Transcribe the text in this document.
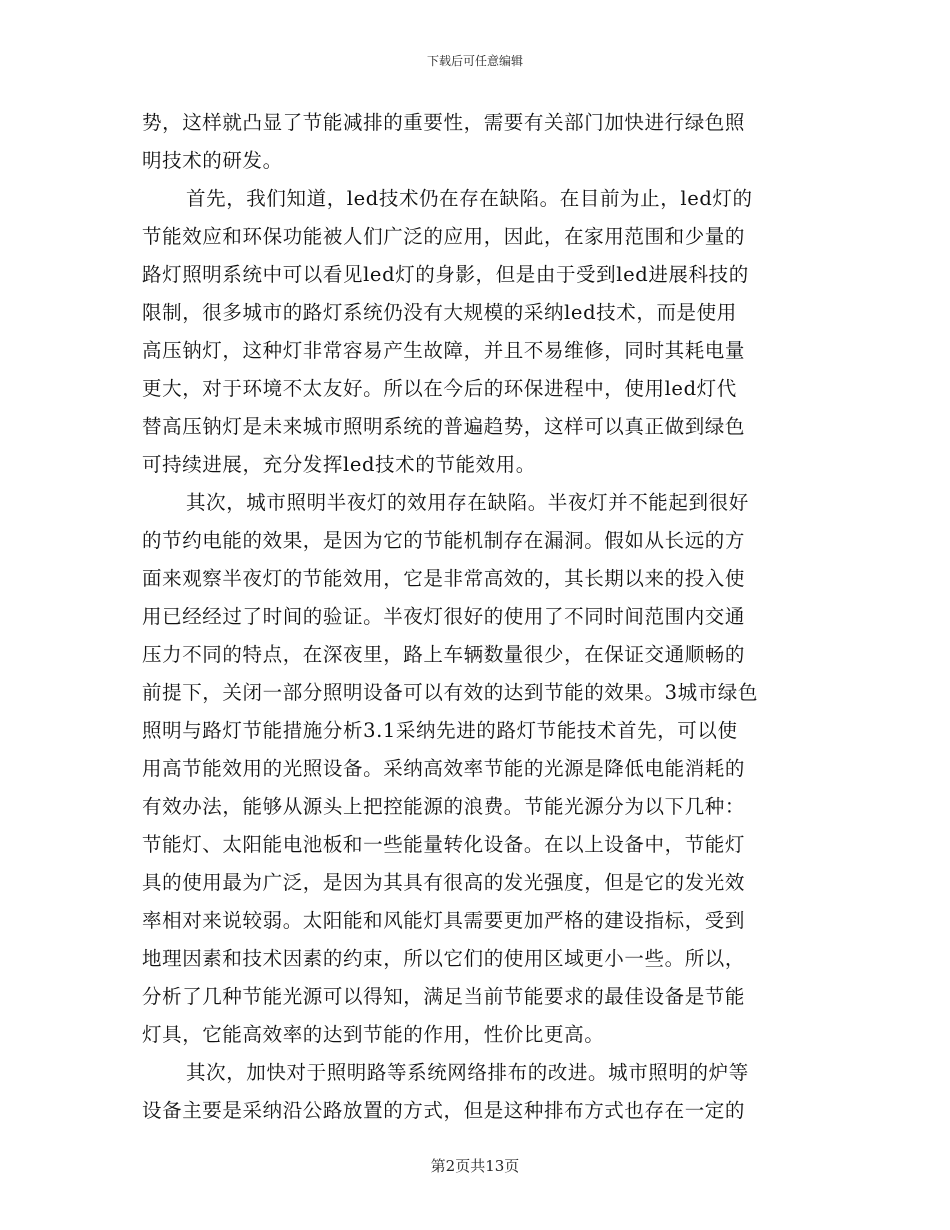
下载后可任意编辑
势，这样就凸显了节能减排的重要性，需要有关部门加快进行绿色照
明技术的研发。
首先，我们知道，led技术仍在存在缺陷。在目前为止，led灯的
节能效应和环保功能被人们广泛的应用，因此，在家用范围和少量的
路灯照明系统中可以看见led灯的身影，但是由于受到led进展科技的
限制，很多城市的路灯系统仍没有大规模的采纳led技术，而是使用
高压钠灯，这种灯非常容易产生故障，并且不易维修，同时其耗电量
更大，对于环境不太友好。所以在今后的环保进程中，使用led灯代
替高压钠灯是未来城市照明系统的普遍趋势，这样可以真正做到绿色
可持续进展，充分发挥led技术的节能效用。
其次，城市照明半夜灯的效用存在缺陷。半夜灯并不能起到很好
的节约电能的效果，是因为它的节能机制存在漏洞。假如从长远的方
面来观察半夜灯的节能效用，它是非常高效的，其长期以来的投入使
用已经经过了时间的验证。半夜灯很好的使用了不同时间范围内交通
压力不同的特点，在深夜里，路上车辆数量很少，在保证交通顺畅的
前提下，关闭一部分照明设备可以有效的达到节能的效果。3城市绿色
照明与路灯节能措施分析3.1采纳先进的路灯节能技术首先，可以使
用高节能效用的光照设备。采纳高效率节能的光源是降低电能消耗的
有效办法，能够从源头上把控能源的浪费。节能光源分为以下几种：
节能灯、太阳能电池板和一些能量转化设备。在以上设备中，节能灯
具的使用最为广泛，是因为其具有很高的发光强度，但是它的发光效
率相对来说较弱。太阳能和风能灯具需要更加严格的建设指标，受到
地理因素和技术因素的约束，所以它们的使用区域更小一些。所以，
分析了几种节能光源可以得知，满足当前节能要求的最佳设备是节能
灯具，它能高效率的达到节能的作用，性价比更高。
其次，加快对于照明路等系统网络排布的改进。城市照明的炉等
设备主要是采纳沿公路放置的方式，但是这种排布方式也存在一定的
第2页共13页
